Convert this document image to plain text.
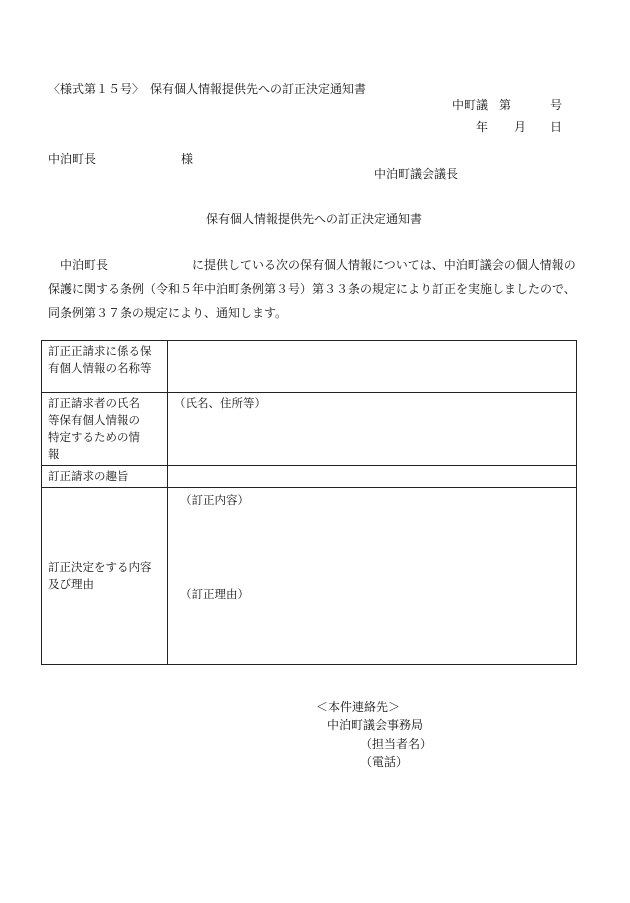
〈様式第１５号〉　保有個人情報提供先への訂正決定通知書
中町議 第	号
年 月 日
中泊町長	様
中泊町議会議長
保有個人情報提供先への訂正決定通知書
中泊町長	に提供している次の保有個人情報については、中泊町議会の個人情報の
保護に関する条例（令和５年中泊町条例第３号）第３３条の規定により訂正を実施しましたので、
同条例第３７条の規定により、通知します。
訂正正請求に係る保
有個人情報の名称等	

訂正請求者の氏名
等保有個人情報の
特定するための情
報	（氏名、住所等）

訂正請求の趣旨	

訂正決定をする内容
及び理由	（訂正内容）
（訂正理由）
＜本件連絡先＞
中泊町議会事務局
（担当者名）
（電話）
